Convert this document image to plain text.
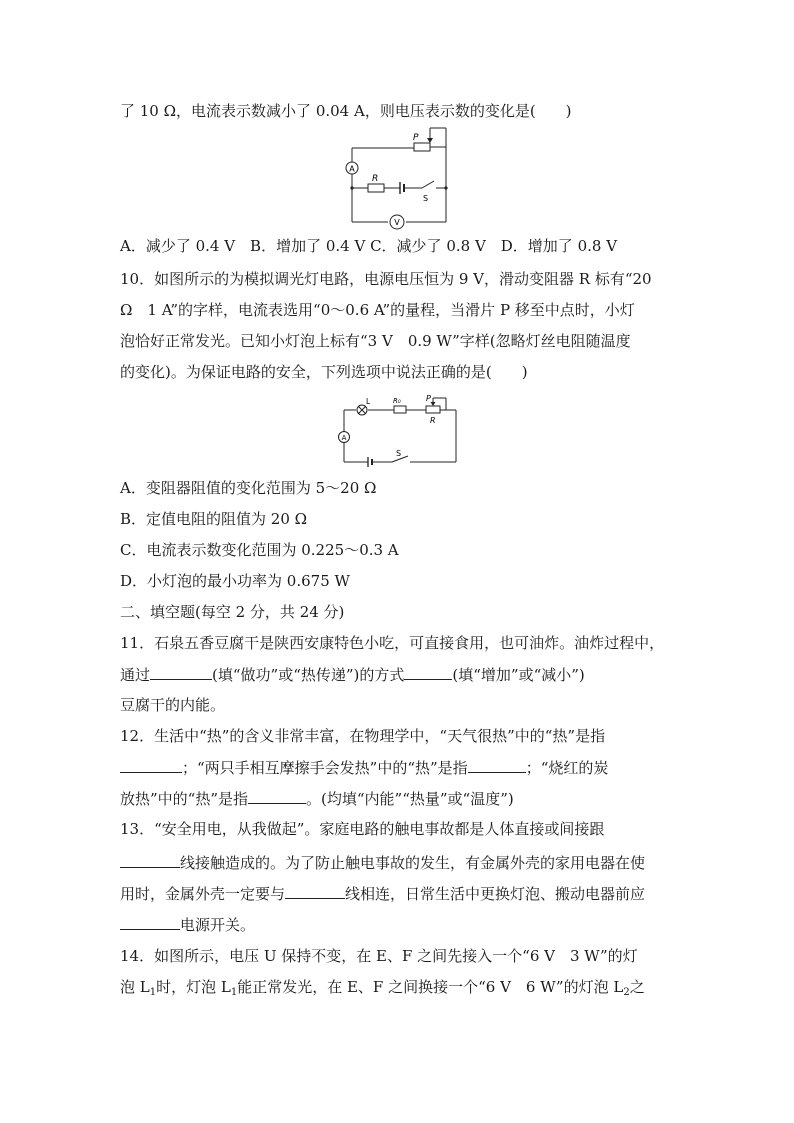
了 10 Ω，电流表示数减小了 0.04 A，则电压表示数的变化是(　　)
P
A
R
S
V
A．减少了 0.4 V　B．增加了 0.4 V C．减少了 0.8 V　D．增加了 0.8 V
10．如图所示的为模拟调光灯电路，电源电压恒为 9 V，滑动变阻器 R 标有“20
Ω　1 A”的字样，电流表选用“0～0.6 A”的量程，当滑片 P 移至中点时，小灯
泡恰好正常发光。已知小灯泡上标有“3 V　0.9 W”字样(忽略灯丝电阻随温度
的变化)。为保证电路的安全，下列选项中说法正确的是(　　)
L	R₀	P
R
A
S
A．变阻器阻值的变化范围为 5～20 Ω
B．定值电阻的阻值为 20 Ω
C．电流表示数变化范围为 0.225～0.3 A
D．小灯泡的最小功率为 0.675 W
二、填空题(每空 2 分，共 24 分)
11．石泉五香豆腐干是陕西安康特色小吃，可直接食用，也可油炸。油炸过程中，
通过	(填“做功”或“热传递”)的方式	(填“增加”或“减小”)
豆腐干的内能。
12．生活中“热”的含义非常丰富，在物理学中，“天气很热”中的“热”是指
；“两只手相互摩擦手会发热”中的“热”是指	；“烧红的炭
放热”中的“热”是指	。(均填“内能”“热量”或“温度”)
13．“安全用电，从我做起”。家庭电路的触电事故都是人体直接或间接跟
线接触造成的。为了防止触电事故的发生，有金属外壳的家用电器在使
用时，金属外壳一定要与	线相连，日常生活中更换灯泡、搬动电器前应
电源开关。
14．如图所示，电压 U 保持不变，在 E、F 之间先接入一个“6 V　3 W”的灯
泡 $L_1$时，灯泡 $L_1$能正常发光，在 E、F 之间换接一个“6 V　6 W”的灯泡 $L_2$之
